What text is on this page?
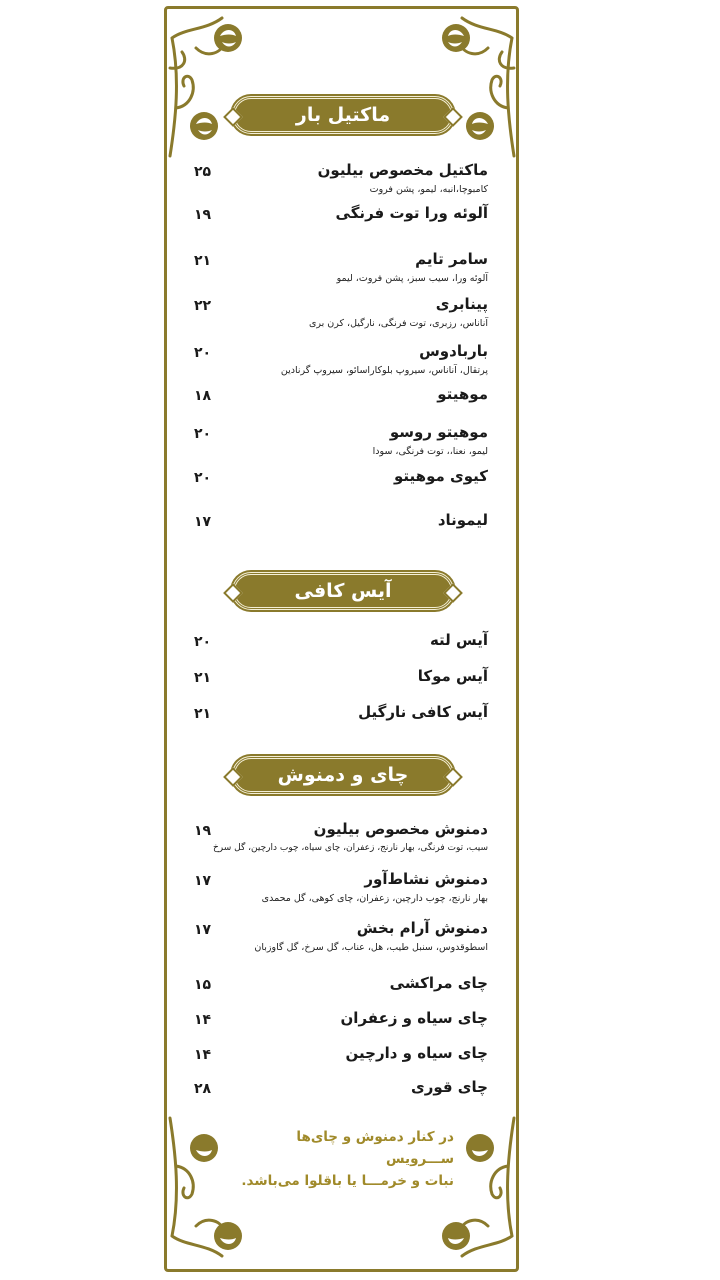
ماکتیل بار
ماکتیل مخصوص بیلیون
کامبوچا،انبه، لیمو، پشن فروت
۲۵
آلوئه ورا توت فرنگی
۱۹
سامر تایم
آلوئه ورا، سیب سبز، پشن فروت، لیمو
۲۱
پینابری
آناناس، رزبری، توت فرنگی، نارگیل، کرن بری
۲۲
باربادوس
پرتقال، آناناس، سیروپ بلوکاراسائو، سیروپ گرنادین
۲۰
موهیتو
۱۸
موهیتو روسو
لیمو، نعنا،، توت فرنگی، سودا
۲۰
کیوی موهیتو
۲۰
لیموناد
۱۷
آیس کافی
آیس لته
۲۰
آیس موکا
۲۱
آیس کافی نارگیل
۲۱
چای و دمنوش
دمنوش مخصوص بیلیون
سیب، توت فرنگی، بهار نارنج، زعفران، چای سیاه، چوب دارچین، گل سرخ
۱۹
دمنوش نشاط‌آور
بهار نارنج، چوب دارچین، زعفران، چای کوهی، گل محمدی
۱۷
دمنوش آرام بخش
اسطوقدوس، سنبل طیب، هل، عناب، گل سرخ، گل گاوزبان
۱۷
چای مراکشی
۱۵
چای سیاه و زعفران
۱۴
چای سیاه و دارچین
۱۴
چای قوری
۲۸
در کنار دمنوش و چای‌ها ســـرویس
نبات و خرمـــا یا باقلوا می‌باشد.
